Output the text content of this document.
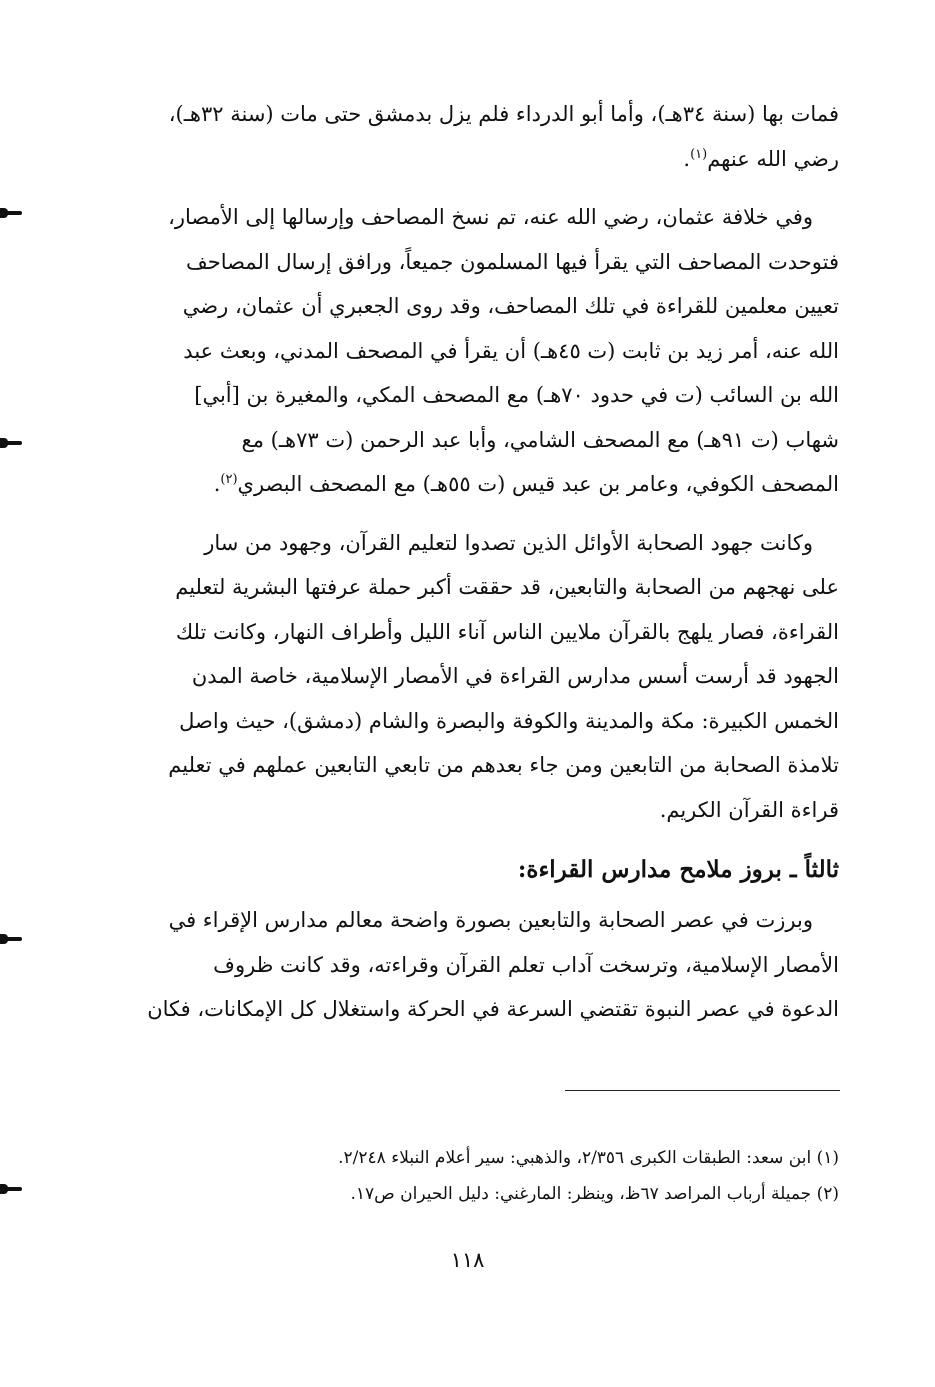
فمات بها (سنة ٣٤هـ)، وأما أبو الدرداء فلم يزل بدمشق حتى مات (سنة ٣٢هـ)،
رضي الله عنهم$^{(١)}$.

وفي خلافة عثمان، رضي الله عنه، تم نسخ المصاحف وإرسالها إلى الأمصار،
فتوحدت المصاحف التي يقرأ فيها المسلمون جميعاً، ورافق إرسال المصاحف
تعيين معلمين للقراءة في تلك المصاحف، وقد روى الجعبري أن عثمان، رضي
الله عنه، أمر زيد بن ثابت (ت ٤٥هـ) أن يقرأ في المصحف المدني، وبعث عبد
الله بن السائب (ت في حدود ٧٠هـ) مع المصحف المكي، والمغيرة بن [أبي]
شهاب (ت ٩١هـ) مع المصحف الشامي، وأبا عبد الرحمن (ت ٧٣هـ) مع
المصحف الكوفي، وعامر بن عبد قيس (ت ٥٥هـ) مع المصحف البصري$^{(٢)}$.

وكانت جهود الصحابة الأوائل الذين تصدوا لتعليم القرآن، وجهود من سار
على نهجهم من الصحابة والتابعين، قد حققت أكبر حملة عرفتها البشرية لتعليم
القراءة، فصار يلهج بالقرآن ملايين الناس آناء الليل وأطراف النهار، وكانت تلك
الجهود قد أرست أسس مدارس القراءة في الأمصار الإسلامية، خاصة المدن
الخمس الكبيرة: مكة والمدينة والكوفة والبصرة والشام (دمشق)، حيث واصل
تلامذة الصحابة من التابعين ومن جاء بعدهم من تابعي التابعين عملهم في تعليم
قراءة القرآن الكريم.

ثالثاً ـ بروز ملامح مدارس القراءة:

وبرزت في عصر الصحابة والتابعين بصورة واضحة معالم مدارس الإقراء في
الأمصار الإسلامية، وترسخت آداب تعلم القرآن وقراءته، وقد كانت ظروف
الدعوة في عصر النبوة تقتضي السرعة في الحركة واستغلال كل الإمكانات، فكان

(١) ابن سعد: الطبقات الكبرى ٢/٣٥٦، والذهبي: سير أعلام النبلاء ٢/٢٤٨.
(٢) جميلة أرباب المراصد ٦٧ظ، وينظر: المارغني: دليل الحيران ص١٧.
١١٨
